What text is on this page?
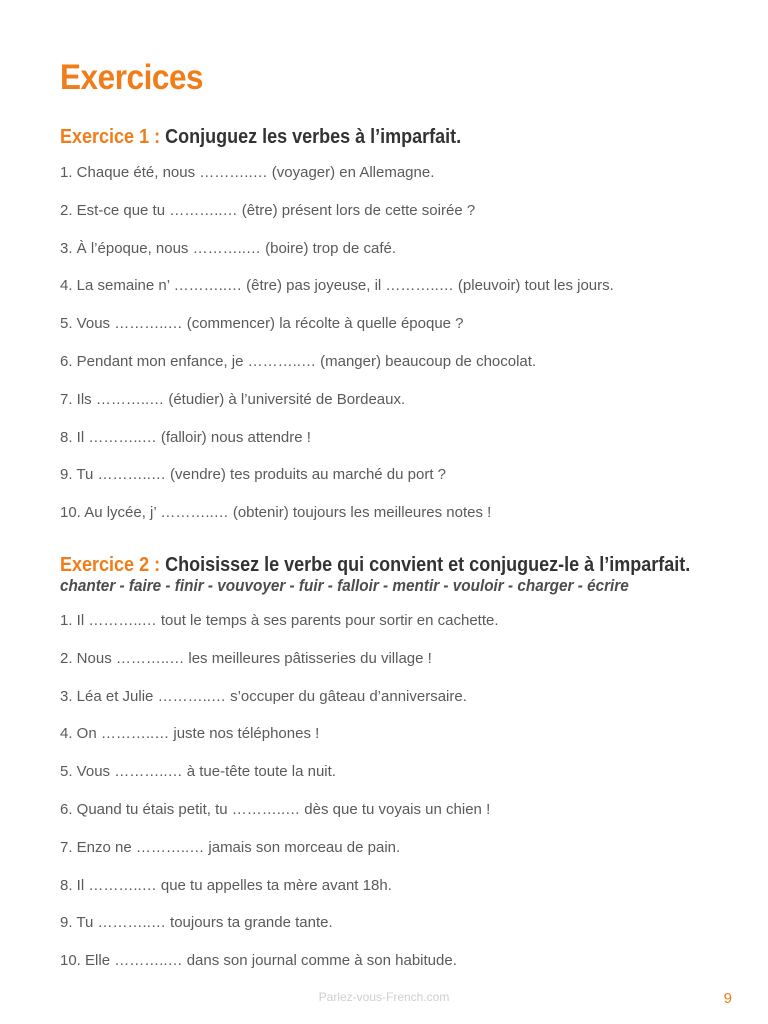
Exercices
Exercice 1 : Conjuguez les verbes à l’imparfait.
1. Chaque été, nous ………..… (voyager) en Allemagne.
2. Est-ce que tu ………..… (être) présent lors de cette soirée ?
3. À l’époque, nous ………..… (boire) trop de café.
4. La semaine n’ ………..… (être) pas joyeuse, il ………..… (pleuvoir) tout les jours.
5. Vous ………..… (commencer) la récolte à quelle époque ?
6. Pendant mon enfance, je ………..… (manger) beaucoup de chocolat.
7. Ils ………..… (étudier) à l’université de Bordeaux.
8. Il ………..… (falloir) nous attendre !
9. Tu ………..… (vendre) tes produits au marché du port ?
10. Au lycée, j’ ………..… (obtenir) toujours les meilleures notes !
Exercice 2 : Choisissez le verbe qui convient et conjuguez-le à l’imparfait.
chanter - faire - finir - vouvoyer - fuir - falloir - mentir - vouloir - charger - écrire
1. Il ………..… tout le temps à ses parents pour sortir en cachette.
2. Nous ………..… les meilleures pâtisseries du village !
3. Léa et Julie ………..… s’occuper du gâteau d’anniversaire.
4. On ………..… juste nos téléphones !
5. Vous ………..… à tue-tête toute la nuit.
6. Quand tu étais petit, tu ………..… dès que tu voyais un chien !
7. Enzo ne ………..… jamais son morceau de pain.
8. Il ………..… que tu appelles ta mère avant 18h.
9. Tu ………..… toujours ta grande tante.
10. Elle ………..… dans son journal comme à son habitude.
Parlez-vous-French.com	9
